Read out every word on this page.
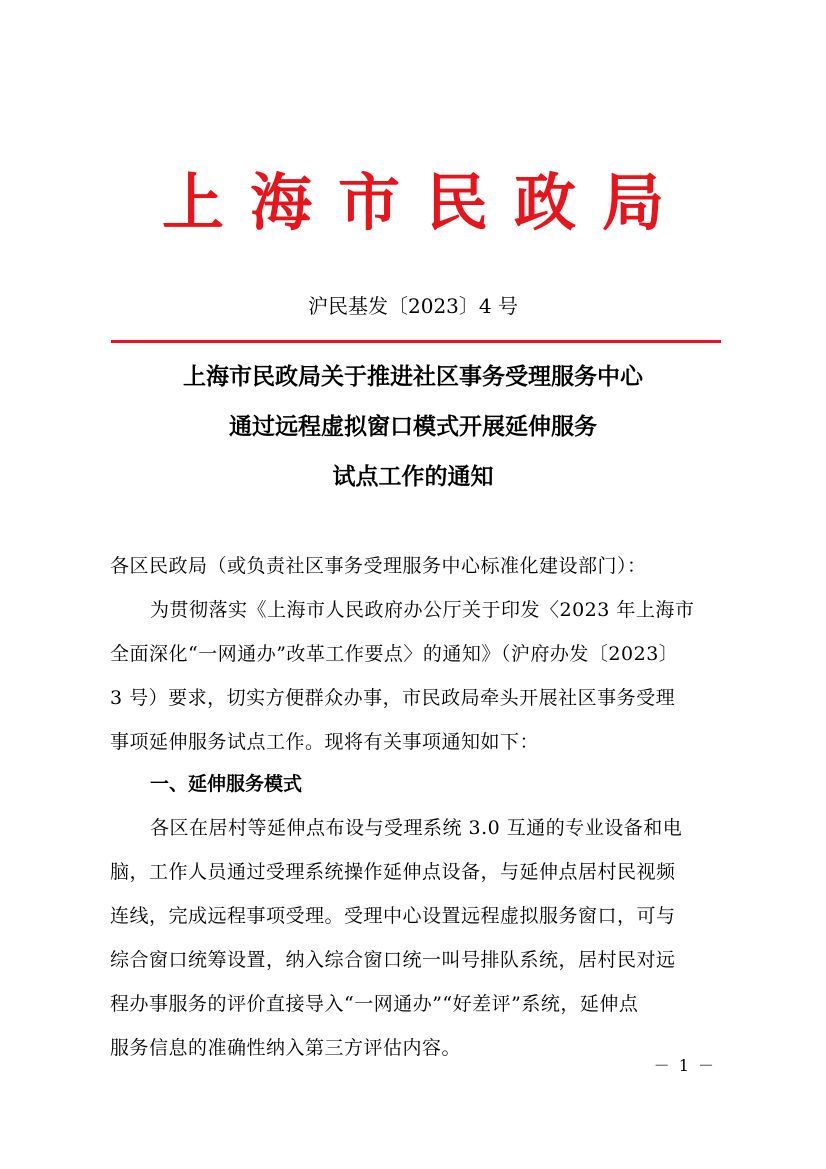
上海市民政局
沪民基发〔2023〕4 号
上海市民政局关于推进社区事务受理服务中心
通过远程虚拟窗口模式开展延伸服务
试点工作的通知
各区民政局（或负责社区事务受理服务中心标准化建设部门）：
为贯彻落实《上海市人民政府办公厅关于印发〈2023 年上海市
全面深化“一网通办”改革工作要点〉的通知》（沪府办发〔2023〕
3 号）要求，切实方便群众办事，市民政局牵头开展社区事务受理
事项延伸服务试点工作。现将有关事项通知如下：
一、延伸服务模式
各区在居村等延伸点布设与受理系统 3.0 互通的专业设备和电
脑，工作人员通过受理系统操作延伸点设备，与延伸点居村民视频
连线，完成远程事项受理。受理中心设置远程虚拟服务窗口，可与
综合窗口统筹设置，纳入综合窗口统一叫号排队系统，居村民对远
程办事服务的评价直接导入“一网通办”“好差评”系统，延伸点
服务信息的准确性纳入第三方评估内容。
－ 1 －
